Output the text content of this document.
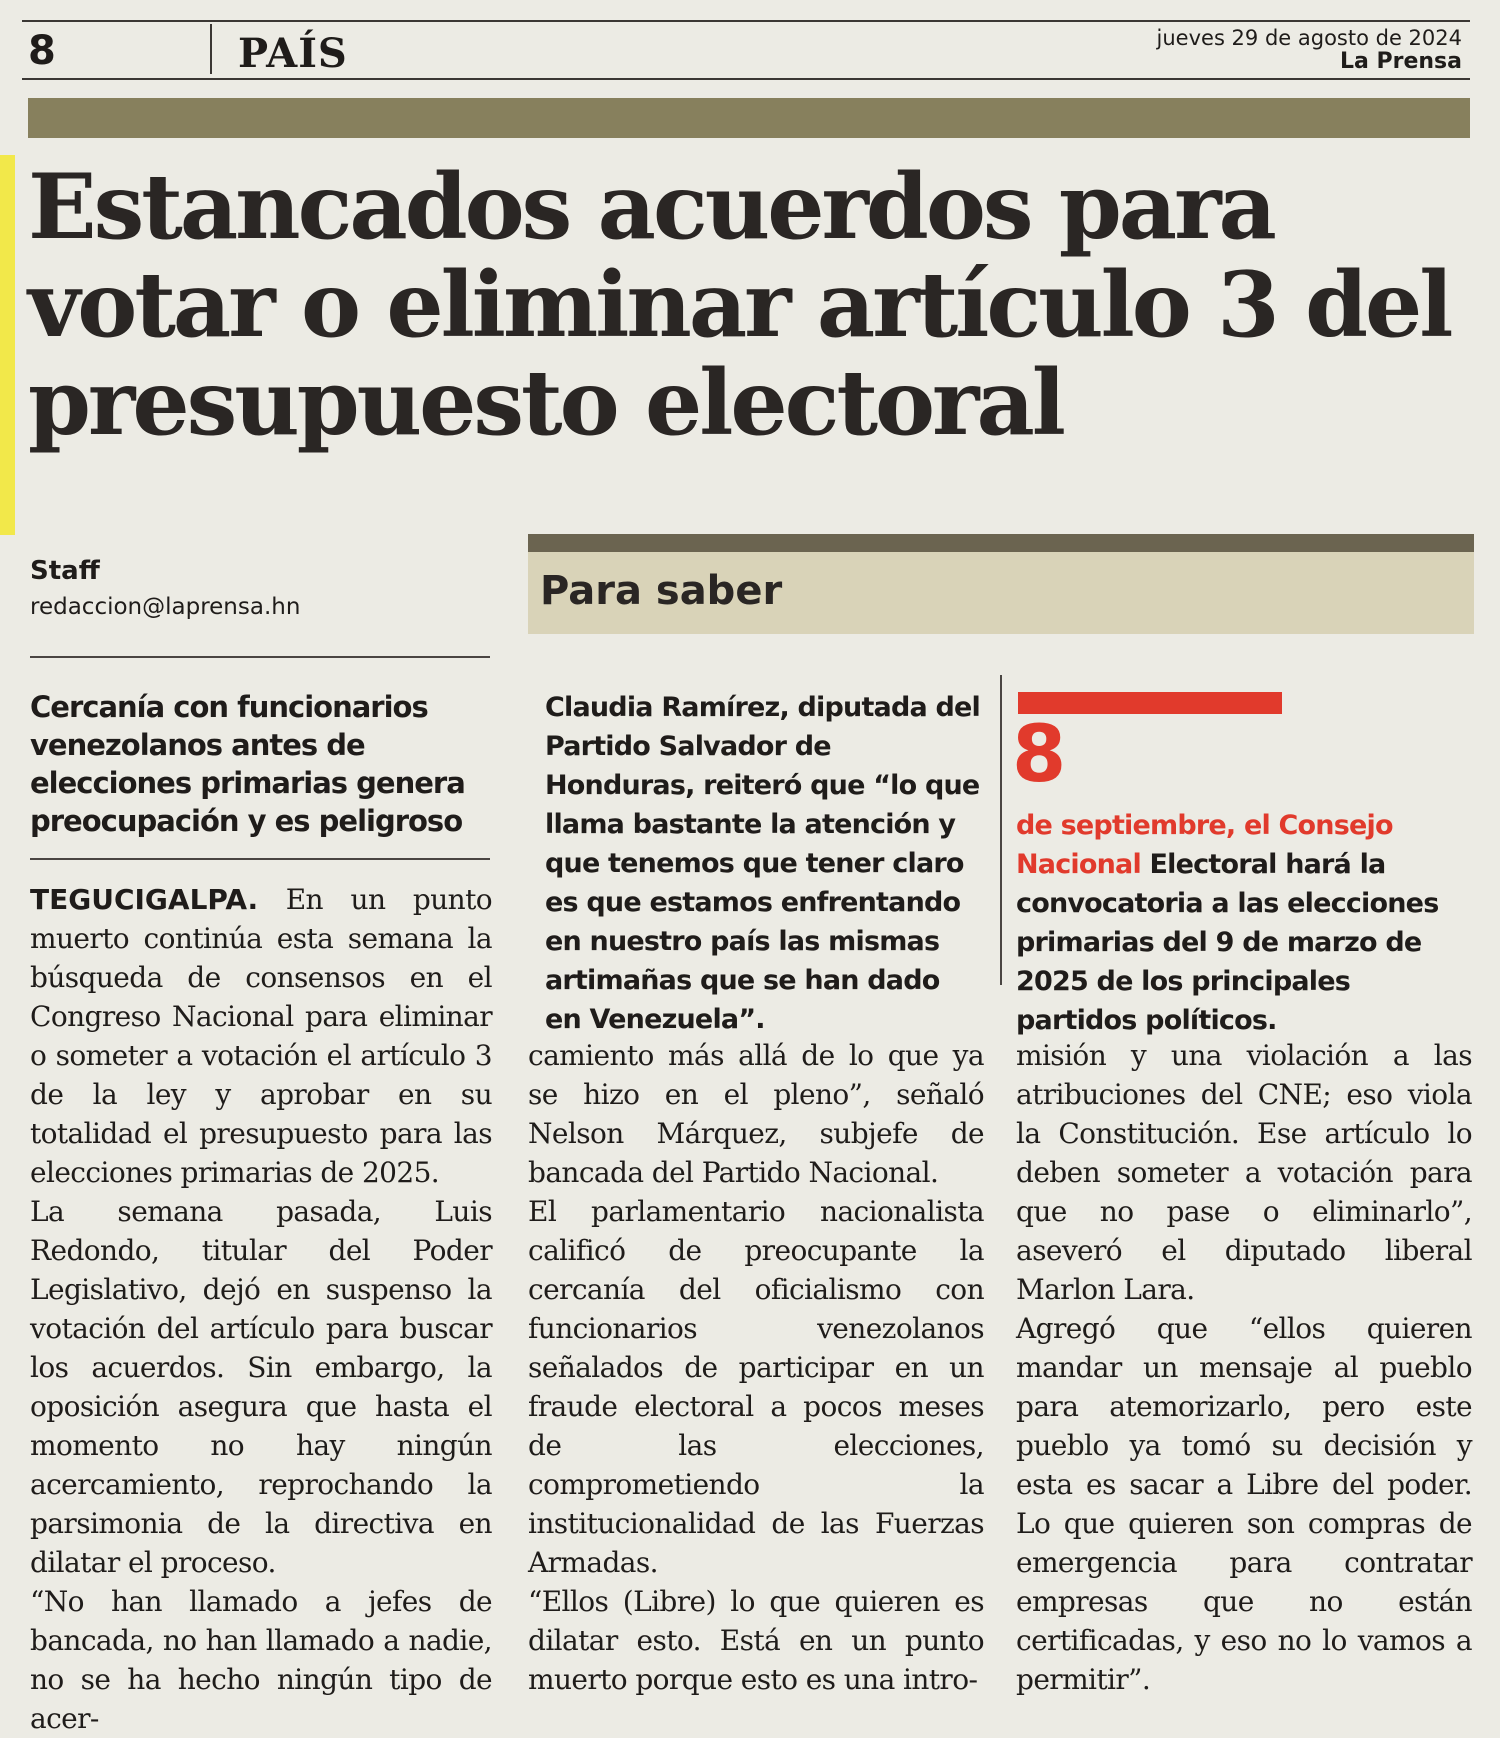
8	PAÍS	jueves 29 de agosto de 2024
La Prensa
Estancados acuerdos para votar o eliminar artículo 3 del presupuesto electoral
Staff
redaccion@laprensa.hn
Cercanía con funcionarios venezolanos antes de elecciones primarias genera preocupación y es peligroso

TEGUCIGALPA. En un punto muerto continúa esta semana la búsqueda de consensos en el Congreso Nacional para eliminar o someter a votación el artículo 3 de la ley y aprobar en su totalidad el presupuesto para las elecciones primarias de 2025.

La semana pasada, Luis Redondo, titular del Poder Legislativo, dejó en suspenso la votación del artículo para buscar los acuerdos. Sin embargo, la oposición asegura que hasta el momento no hay ningún acercamiento, reprochando la parsimonia de la directiva en dilatar el proceso.

“No han llamado a jefes de bancada, no han llamado a nadie, no se ha hecho ningún tipo de acer-

Para saber

Claudia Ramírez, diputada del Partido Salvador de Honduras, reiteró que “lo que llama bastante la atención y que tenemos que tener claro es que estamos enfrentando en nuestro país las mismas artimañas que se han dado en Venezuela”.

8

de septiembre, el Consejo Nacional Electoral hará la convocatoria a las elecciones primarias del 9 de marzo de 2025 de los principales partidos políticos.

camiento más allá de lo que ya se hizo en el pleno”, señaló Nelson Márquez, subjefe de bancada del Partido Nacional.

El parlamentario nacionalista calificó de preocupante la cercanía del oficialismo con funcionarios venezolanos señalados de participar en un fraude electoral a pocos meses de las elecciones, comprometiendo la institucionalidad de las Fuerzas Armadas.

“Ellos (Libre) lo que quieren es dilatar esto. Está en un punto muerto porque esto es una intro-

misión y una violación a las atribuciones del CNE; eso viola la Constitución. Ese artículo lo deben someter a votación para que no pase o eliminarlo”, aseveró el diputado liberal Marlon Lara.

Agregó que “ellos quieren mandar un mensaje al pueblo para atemorizarlo, pero este pueblo ya tomó su decisión y esta es sacar a Libre del poder. Lo que quieren son compras de emergencia para contratar empresas que no están certificadas, y eso no lo vamos a permitir”.
